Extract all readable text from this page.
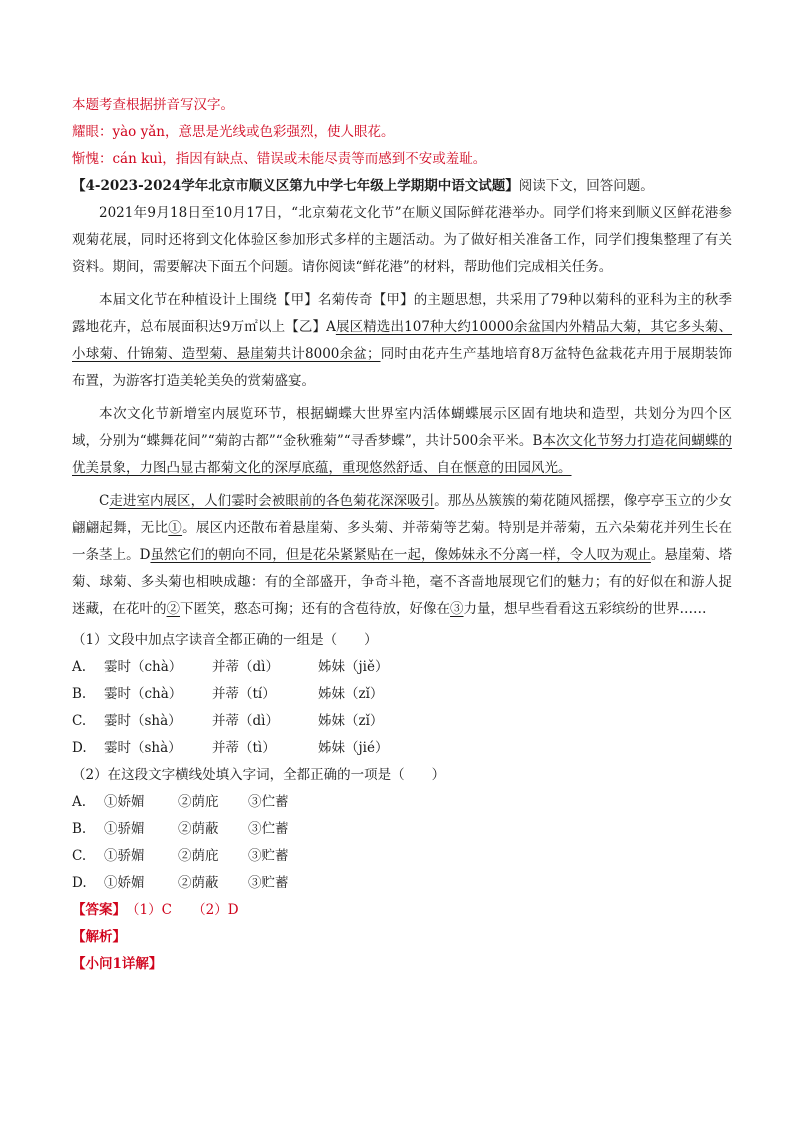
本题考查根据拼音写汉字。
耀眼：yào yǎn，意思是光线或色彩强烈，使人眼花。
惭愧：cán kuì，指因有缺点、错误或未能尽责等而感到不安或羞耻。
【4-2023-2024学年北京市顺义区第九中学七年级上学期期中语文试题】阅读下文，回答问题。
2021年9月18日至10月17日，“北京菊花文化节”在顺义国际鲜花港举办。同学们将来到顺义区鲜花港参观菊花展，同时还将到文化体验区参加形式多样的主题活动。为了做好相关准备工作，同学们搜集整理了有关资料。期间，需要解决下面五个问题。请你阅读“鲜花港”的材料，帮助他们完成相关任务。
本届文化节在种植设计上围绕【甲】名菊传奇【甲】的主题思想，共采用了79种以菊科的亚科为主的秋季露地花卉，总布展面积达9万㎡以上【乙】A展区精选出107种大约10000余盆国内外精品大菊，其它多头菊、小球菊、什锦菊、造型菊、悬崖菊共计8000余盆；同时由花卉生产基地培育8万盆特色盆栽花卉用于展期装饰布置，为游客打造美轮美奂的赏菊盛宴。
本次文化节新增室内展览环节，根据蝴蝶大世界室内活体蝴蝶展示区固有地块和造型，共划分为四个区域，分别为“蝶舞花间”“菊韵古都”“金秋雅菊”“寻香梦蝶”，共计500余平米。B本次文化节努力打造花间蝴蝶的优美景象，力图凸显古都菊文化的深厚底蕴，重现悠然舒适、自在惬意的田园风光。
C走进室内展区，人们霎时会被眼前的各色菊花深深吸引。那丛丛簇簇的菊花随风摇摆，像亭亭玉立的少女翩翩起舞，无比①。展区内还散布着悬崖菊、多头菊、并蒂菊等艺菊。特别是并蒂菊，五六朵菊花并列生长在一条茎上。D虽然它们的朝向不同，但是花朵紧紧贴在一起，像姊妹永不分离一样，令人叹为观止。悬崖菊、塔菊、球菊、多头菊也相映成趣：有的全部盛开，争奇斗艳，毫不吝啬地展现它们的魅力；有的好似在和游人捉迷藏，在花叶的②下匿笑，憨态可掬；还有的含苞待放，好像在③力量，想早些看看这五彩缤纷的世界……
（1）文段中加点字读音全都正确的一组是（　　）
A. 霎时（chà） 并蒂（dì）	姊妹（jiě）
B. 霎时（chà） 并蒂（tí）	姊妹（zǐ）
C. 霎时（shà） 并蒂（dì）	姊妹（zǐ）
D. 霎时（shà） 并蒂（tì）	姊妹（jié）
（2）在这段文字横线处填入字词，全都正确的一项是（　　）
A. ①娇媚 ②荫庇 ③伫蓄
B. ①骄媚 ②荫蔽 ③伫蓄
C. ①骄媚 ②荫庇 ③贮蓄
D. ①娇媚 ②荫蔽 ③贮蓄
【答案】　（1）C　　（2）D
【解析】
【小问1详解】
